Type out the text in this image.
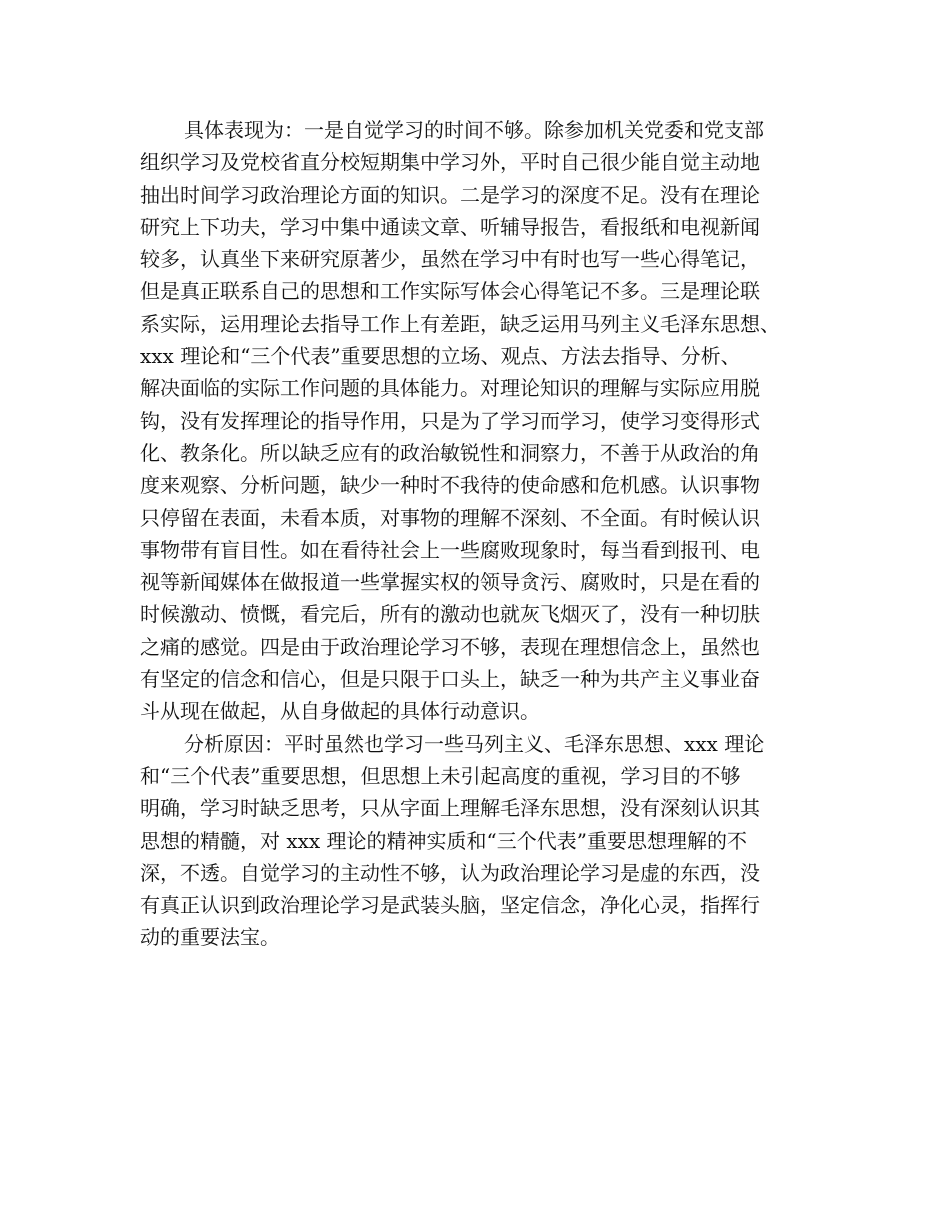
具体表现为：一是自觉学习的时间不够。除参加机关党委和党支部
组织学习及党校省直分校短期集中学习外，平时自己很少能自觉主动地
抽出时间学习政治理论方面的知识。二是学习的深度不足。没有在理论
研究上下功夫，学习中集中通读文章、听辅导报告，看报纸和电视新闻
较多，认真坐下来研究原著少，虽然在学习中有时也写一些心得笔记，
但是真正联系自己的思想和工作实际写体会心得笔记不多。三是理论联
系实际，运用理论去指导工作上有差距，缺乏运用马列主义毛泽东思想、
xxx 理论和“三个代表”重要思想的立场、观点、方法去指导、分析、
解决面临的实际工作问题的具体能力。对理论知识的理解与实际应用脱
钩，没有发挥理论的指导作用，只是为了学习而学习，使学习变得形式
化、教条化。所以缺乏应有的政治敏锐性和洞察力，不善于从政治的角
度来观察、分析问题，缺少一种时不我待的使命感和危机感。认识事物
只停留在表面，未看本质，对事物的理解不深刻、不全面。有时候认识
事物带有盲目性。如在看待社会上一些腐败现象时，每当看到报刊、电
视等新闻媒体在做报道一些掌握实权的领导贪污、腐败时，只是在看的
时候激动、愤慨，看完后，所有的激动也就灰飞烟灭了，没有一种切肤
之痛的感觉。四是由于政治理论学习不够，表现在理想信念上，虽然也
有坚定的信念和信心，但是只限于口头上，缺乏一种为共产主义事业奋
斗从现在做起，从自身做起的具体行动意识。
分析原因：平时虽然也学习一些马列主义、毛泽东思想、xxx 理论
和“三个代表”重要思想，但思想上未引起高度的重视，学习目的不够
明确，学习时缺乏思考，只从字面上理解毛泽东思想，没有深刻认识其
思想的精髓，对 xxx 理论的精神实质和“三个代表”重要思想理解的不
深，不透。自觉学习的主动性不够，认为政治理论学习是虚的东西，没
有真正认识到政治理论学习是武装头脑，坚定信念，净化心灵，指挥行
动的重要法宝。
